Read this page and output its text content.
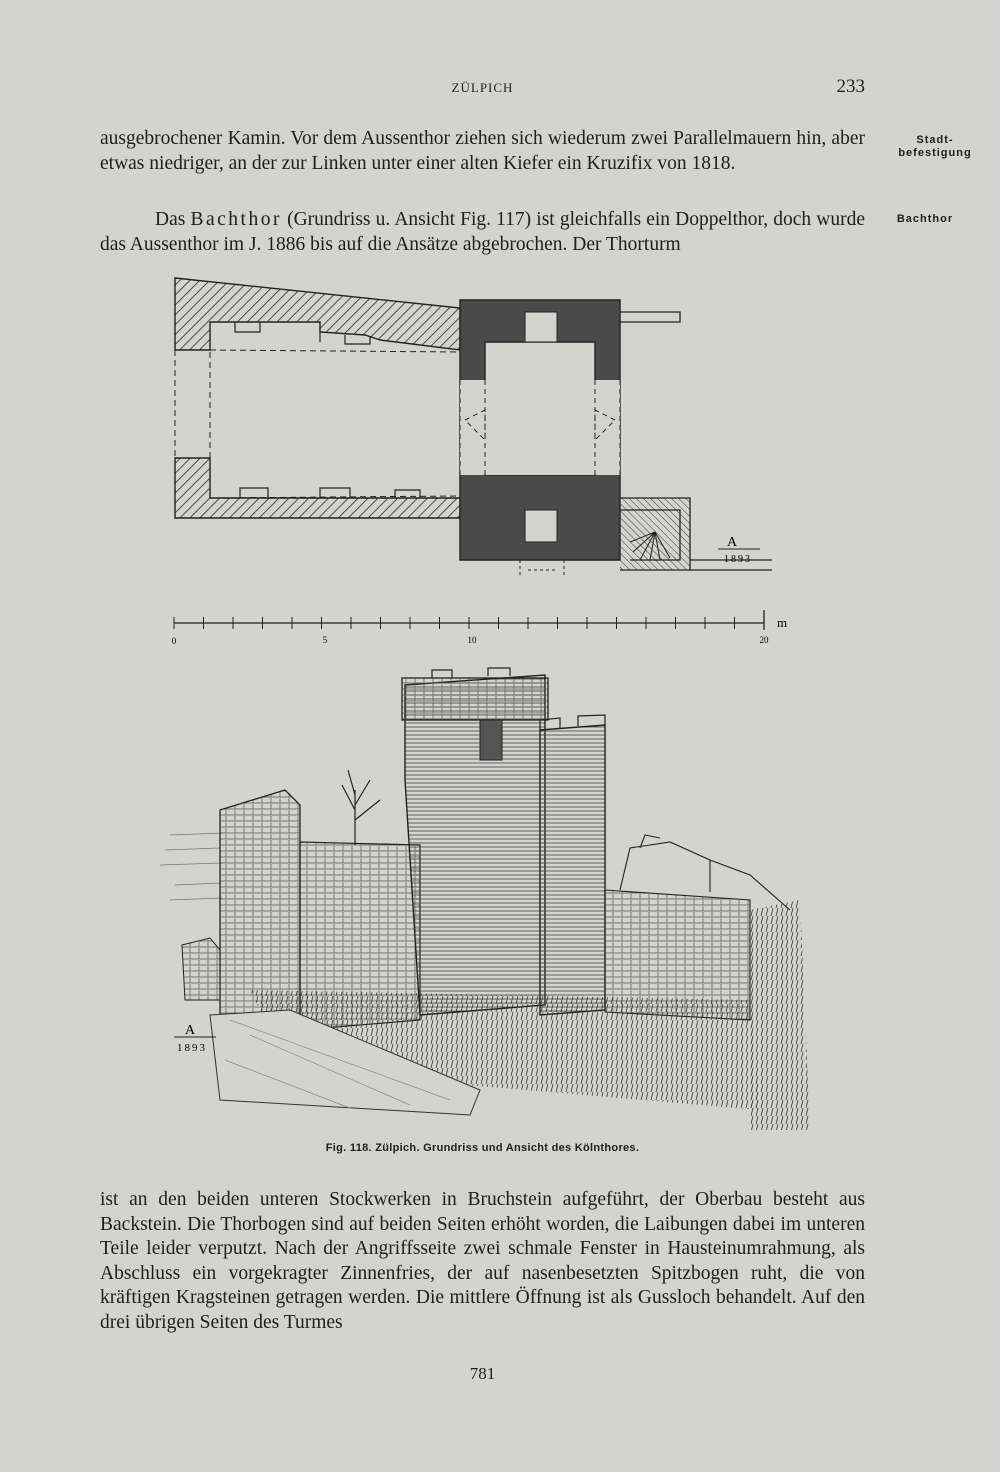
ZÜLPICH	233

ausgebrochener Kamin. Vor dem Aussenthor ziehen sich wiederum zwei Parallelmauern hin, aber etwas niedriger, an der zur Linken unter einer alten Kiefer ein Kruzifix von 1818.

Stadt-
befestigung

Das Bachthor (Grundriss u. Ansicht Fig. 117) ist gleichfalls ein Doppelthor, doch wurde das Aussenthor im J. 1886 bis auf die Ansätze abgebrochen. Der Thorturm

Bachthor
A
1893
0	5	10	20
m
A
1893
Fig. 118. Zülpich. Grundriss und Ansicht des Kölnthores.

ist an den beiden unteren Stockwerken in Bruchstein aufgeführt, der Oberbau besteht aus Backstein. Die Thorbogen sind auf beiden Seiten erhöht worden, die Laibungen dabei im unteren Teile leider verputzt. Nach der Angriffsseite zwei schmale Fenster in Hausteinumrahmung, als Abschluss ein vorgekragter Zinnenfries, der auf nasenbesetzten Spitzbogen ruht, die von kräftigen Kragsteinen getragen werden. Die mittlere Öffnung ist als Gussloch behandelt. Auf den drei übrigen Seiten des Turmes

781
